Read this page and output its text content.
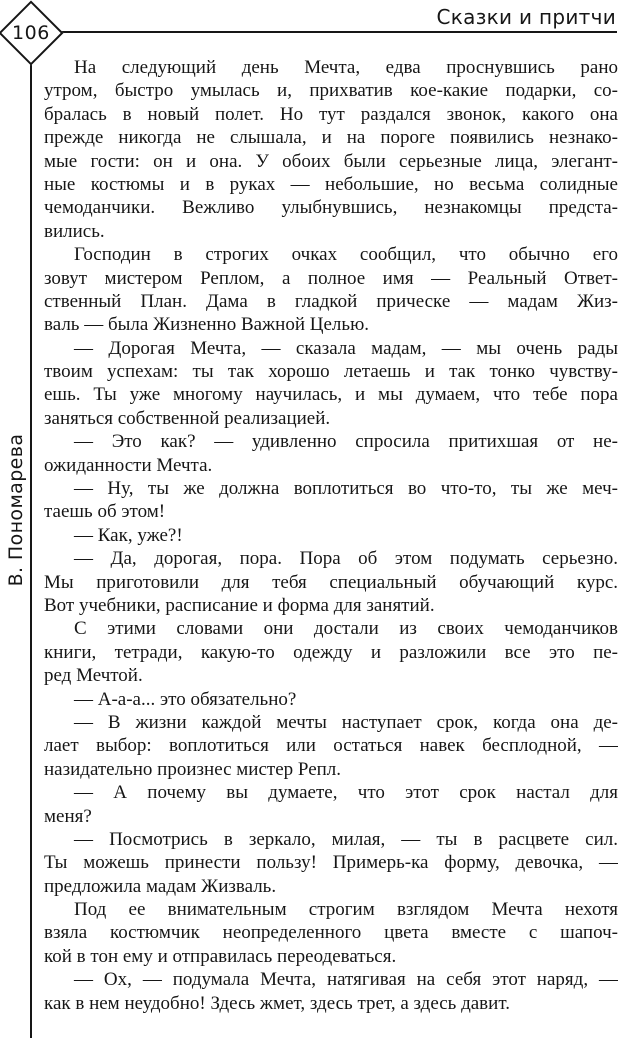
106
Сказки и притчи
В. Пономарева
На следующий день Мечта, едва проснувшись рано
утром, быстро умылась и, прихватив кое-какие подарки, со-
бралась в новый полет. Но тут раздался звонок, какого она
прежде никогда не слышала, и на пороге появились незнако-
мые гости: он и она. У обоих были серьезные лица, элегант-
ные костюмы и в руках — небольшие, но весьма солидные
чемоданчики. Вежливо улыбнувшись, незнакомцы предста-
вились.
Господин в строгих очках сообщил, что обычно его
зовут мистером Реплом, а полное имя — Реальный Ответ-
ственный План. Дама в гладкой прическе — мадам Жиз-
валь — была Жизненно Важной Целью.
— Дорогая Мечта, — сказала мадам, — мы очень рады
твоим успехам: ты так хорошо летаешь и так тонко чувству-
ешь. Ты уже многому научилась, и мы думаем, что тебе пора
заняться собственной реализацией.
— Это как? — удивленно спросила притихшая от не-
ожиданности Мечта.
— Ну, ты же должна воплотиться во что-то, ты же меч-
таешь об этом!
— Как, уже?!
— Да, дорогая, пора. Пора об этом подумать серьезно.
Мы приготовили для тебя специальный обучающий курс.
Вот учебники, расписание и форма для занятий.
С этими словами они достали из своих чемоданчиков
книги, тетради, какую-то одежду и разложили все это пе-
ред Мечтой.
— А-а-а... это обязательно?
— В жизни каждой мечты наступает срок, когда она де-
лает выбор: воплотиться или остаться навек бесплодной, —
назидательно произнес мистер Репл.
— А почему вы думаете, что этот срок настал для
меня?
— Посмотрись в зеркало, милая, — ты в расцвете сил.
Ты можешь принести пользу! Примерь-ка форму, девочка, —
предложила мадам Жизваль.
Под ее внимательным строгим взглядом Мечта нехотя
взяла костюмчик неопределенного цвета вместе с шапоч-
кой в тон ему и отправилась переодеваться.
— Ох, — подумала Мечта, натягивая на себя этот наряд, —
как в нем неудобно! Здесь жмет, здесь трет, а здесь давит.
